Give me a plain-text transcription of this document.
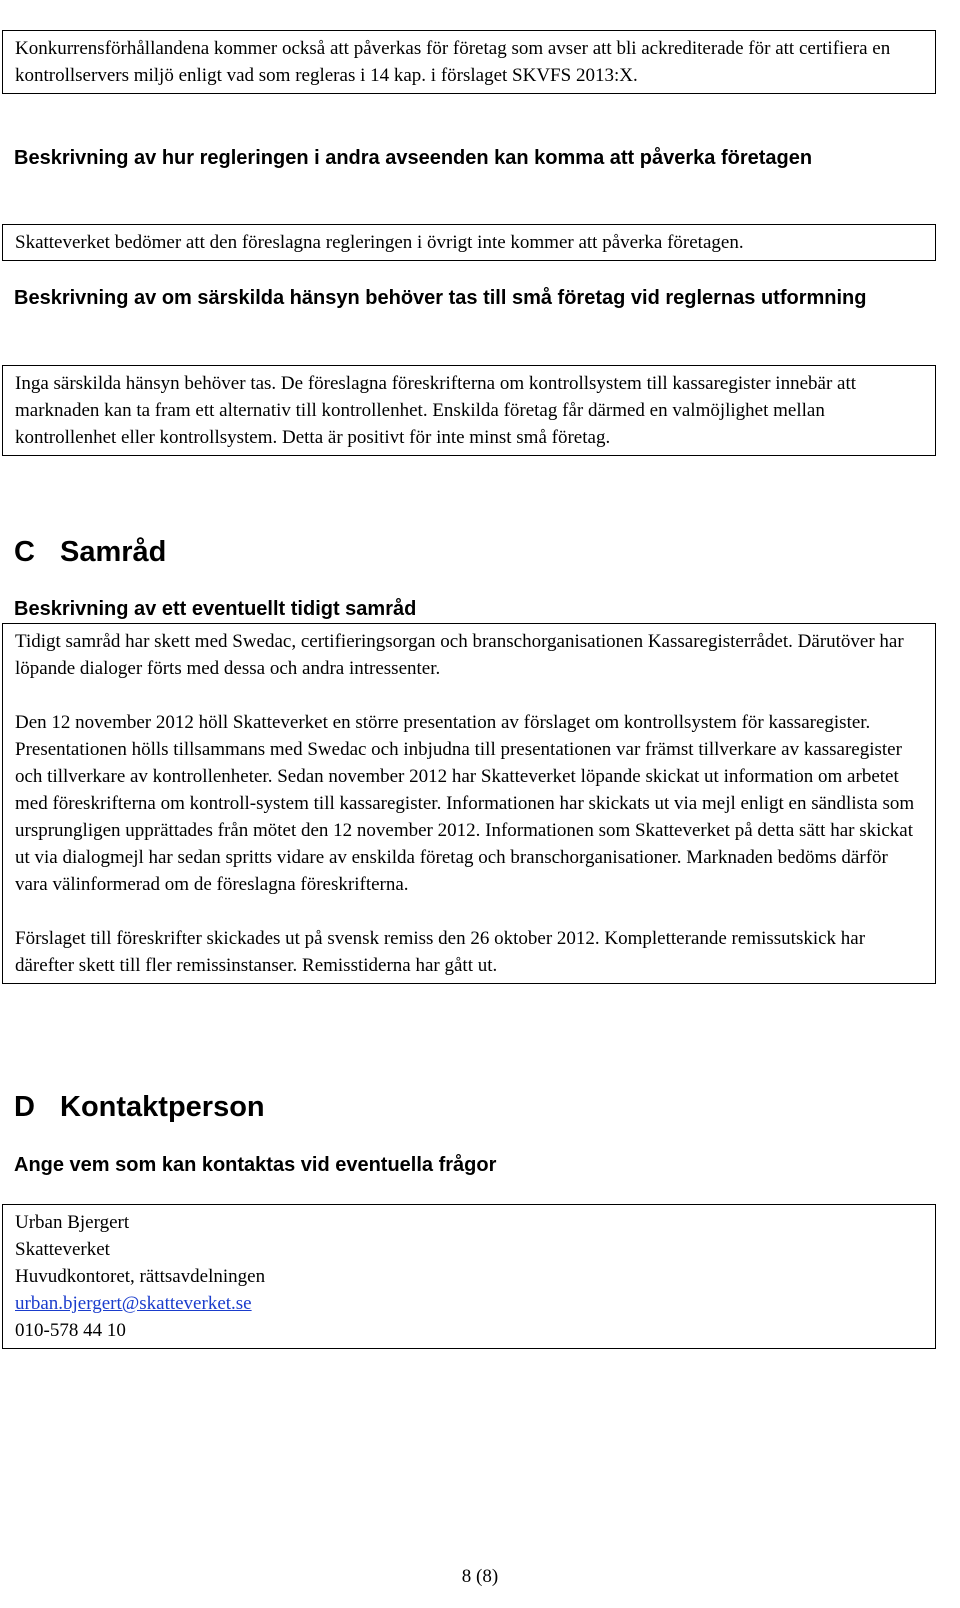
Konkurrensförhållandena kommer också att påverkas för företag som avser att bli ackrediterade för att certifiera en kontrollservers miljö enligt vad som regleras i 14 kap. i förslaget SKVFS 2013:X.

Beskrivning av hur regleringen i andra avseenden kan komma att påverka företagen

Skatteverket bedömer att den föreslagna regleringen i övrigt inte kommer att påverka företagen.

Beskrivning av om särskilda hänsyn behöver tas till små företag vid reglernas utformning

Inga särskilda hänsyn behöver tas. De föreslagna föreskrifterna om kontrollsystem till kassaregister innebär att marknaden kan ta fram ett alternativ till kontrollenhet. Enskilda företag får därmed en valmöjlighet mellan kontrollenhet eller kontrollsystem. Detta är positivt för inte minst små företag.

C Samråd
Beskrivning av ett eventuellt tidigt samråd

Tidigt samråd har skett med Swedac, certifieringsorgan och branschorganisationen Kassaregisterrådet. Därutöver har löpande dialoger förts med dessa och andra intressenter.

Den 12 november 2012 höll Skatteverket en större presentation av förslaget om kontrollsystem för kassaregister. Presentationen hölls tillsammans med Swedac och inbjudna till presentationen var främst tillverkare av kassaregister och tillverkare av kontrollenheter. Sedan november 2012 har Skatteverket löpande skickat ut information om arbetet med föreskrifterna om kontroll-system till kassaregister. Informationen har skickats ut via mejl enligt en sändlista som ursprungligen upprättades från mötet den 12 november 2012. Informationen som Skatteverket på detta sätt har skickat ut via dialogmejl har sedan spritts vidare av enskilda företag och branschorganisationer. Marknaden bedöms därför vara välinformerad om de föreslagna föreskrifterna.

Förslaget till föreskrifter skickades ut på svensk remiss den 26 oktober 2012. Kompletterande remissutskick har därefter skett till fler remissinstanser. Remisstiderna har gått ut.

D Kontaktperson
Ange vem som kan kontaktas vid eventuella frågor

Urban Bjergert

Skatteverket

Huvudkontoret, rättsavdelningen

urban.bjergert@skatteverket.se

010-578 44 10

8 (8)
